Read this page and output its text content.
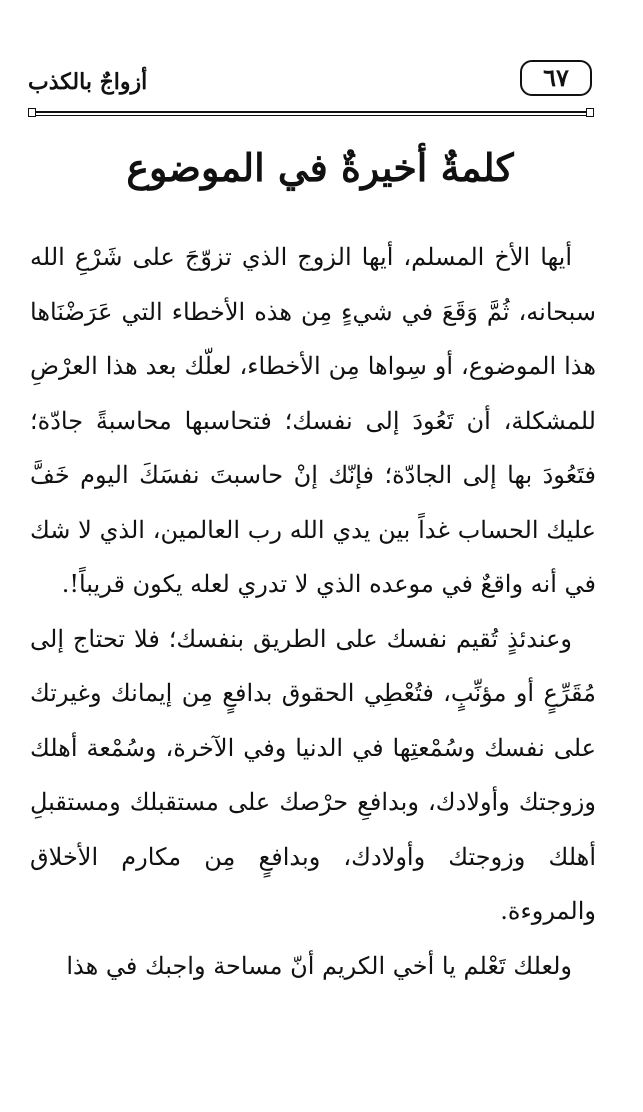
أزواجٌ بالكذب	٦٧
كلمةٌ أخيرةٌ في الموضوع

أيها الأخ المسلم، أيها الزوج الذي تزوّجَ على شَرْعِ الله سبحانه، ثُمَّ وَقَعَ في شيءٍ مِن هذه الأخطاء التي عَرَضْنَاها هذا الموضوع، أو سِواها مِن الأخطاء، لعلّك بعد هذا العرْضِ للمشكلة، أن تَعُودَ إلى نفسك؛ فتحاسبها محاسبةً جادّة؛ فتَعُودَ بها إلى الجادّة؛ فإنّك إنْ حاسبتَ نفسَكَ اليوم خَفَّ عليك الحساب غداً بين يدي الله رب العالمين، الذي لا شك في أنه واقعٌ في موعده الذي لا تدري لعله يكون قريباً!.

وعندئذٍ تُقيم نفسك على الطريق بنفسك؛ فلا تحتاج إلى مُقَرِّعٍ أو مؤنِّبٍ، فتُعْطِي الحقوق بدافعٍ مِن إيمانك وغيرتك على نفسك وسُمْعتِها في الدنيا وفي الآخرة، وسُمْعة أهلك وزوجتك وأولادك، وبدافعِ حرْصك على مستقبلك ومستقبلِ أهلك وزوجتك وأولادك، وبدافعٍ مِن مكارم الأخلاق والمروءة.

ولعلك تَعْلم يا أخي الكريم أنّ مساحة واجبك في هذا
